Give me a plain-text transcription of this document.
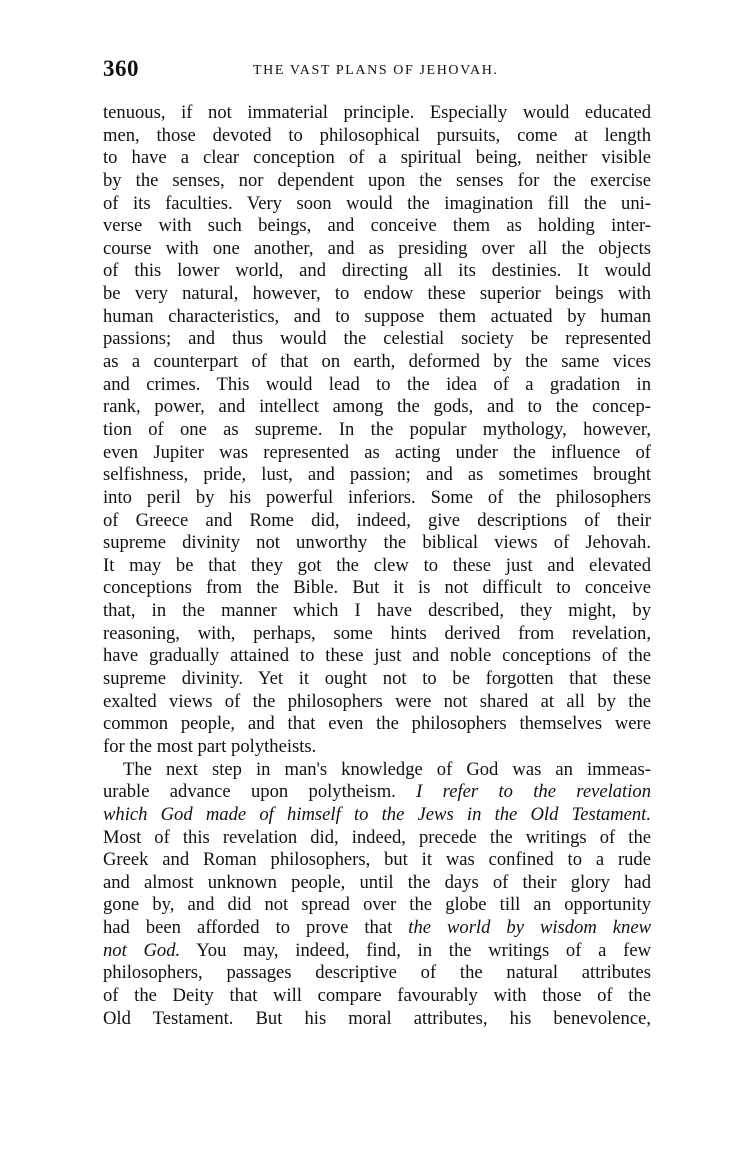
360	THE VAST PLANS OF JEHOVAH.
tenuous, if not immaterial principle. Especially would educated
men, those devoted to philosophical pursuits, come at length
to have a clear conception of a spiritual being, neither visible
by the senses, nor dependent upon the senses for the exercise
of its faculties. Very soon would the imagination fill the uni-
verse with such beings, and conceive them as holding inter-
course with one another, and as presiding over all the objects
of this lower world, and directing all its destinies. It would
be very natural, however, to endow these superior beings with
human characteristics, and to suppose them actuated by human
passions; and thus would the celestial society be represented
as a counterpart of that on earth, deformed by the same vices
and crimes. This would lead to the idea of a gradation in
rank, power, and intellect among the gods, and to the concep-
tion of one as supreme. In the popular mythology, however,
even Jupiter was represented as acting under the influence of
selfishness, pride, lust, and passion; and as sometimes brought
into peril by his powerful inferiors. Some of the philosophers
of Greece and Rome did, indeed, give descriptions of their
supreme divinity not unworthy the biblical views of Jehovah.
It may be that they got the clew to these just and elevated
conceptions from the Bible. But it is not difficult to conceive
that, in the manner which I have described, they might, by
reasoning, with, perhaps, some hints derived from revelation,
have gradually attained to these just and noble conceptions of the
supreme divinity. Yet it ought not to be forgotten that these
exalted views of the philosophers were not shared at all by the
common people, and that even the philosophers themselves were
for the most part polytheists.
The next step in man's knowledge of God was an immeas-
urable advance upon polytheism. I refer to the revelation
which God made of himself to the Jews in the Old Testament.
Most of this revelation did, indeed, precede the writings of the
Greek and Roman philosophers, but it was confined to a rude
and almost unknown people, until the days of their glory had
gone by, and did not spread over the globe till an opportunity
had been afforded to prove that the world by wisdom knew
not God. You may, indeed, find, in the writings of a few
philosophers, passages descriptive of the natural attributes
of the Deity that will compare favourably with those of the
Old Testament. But his moral attributes, his benevolence,
